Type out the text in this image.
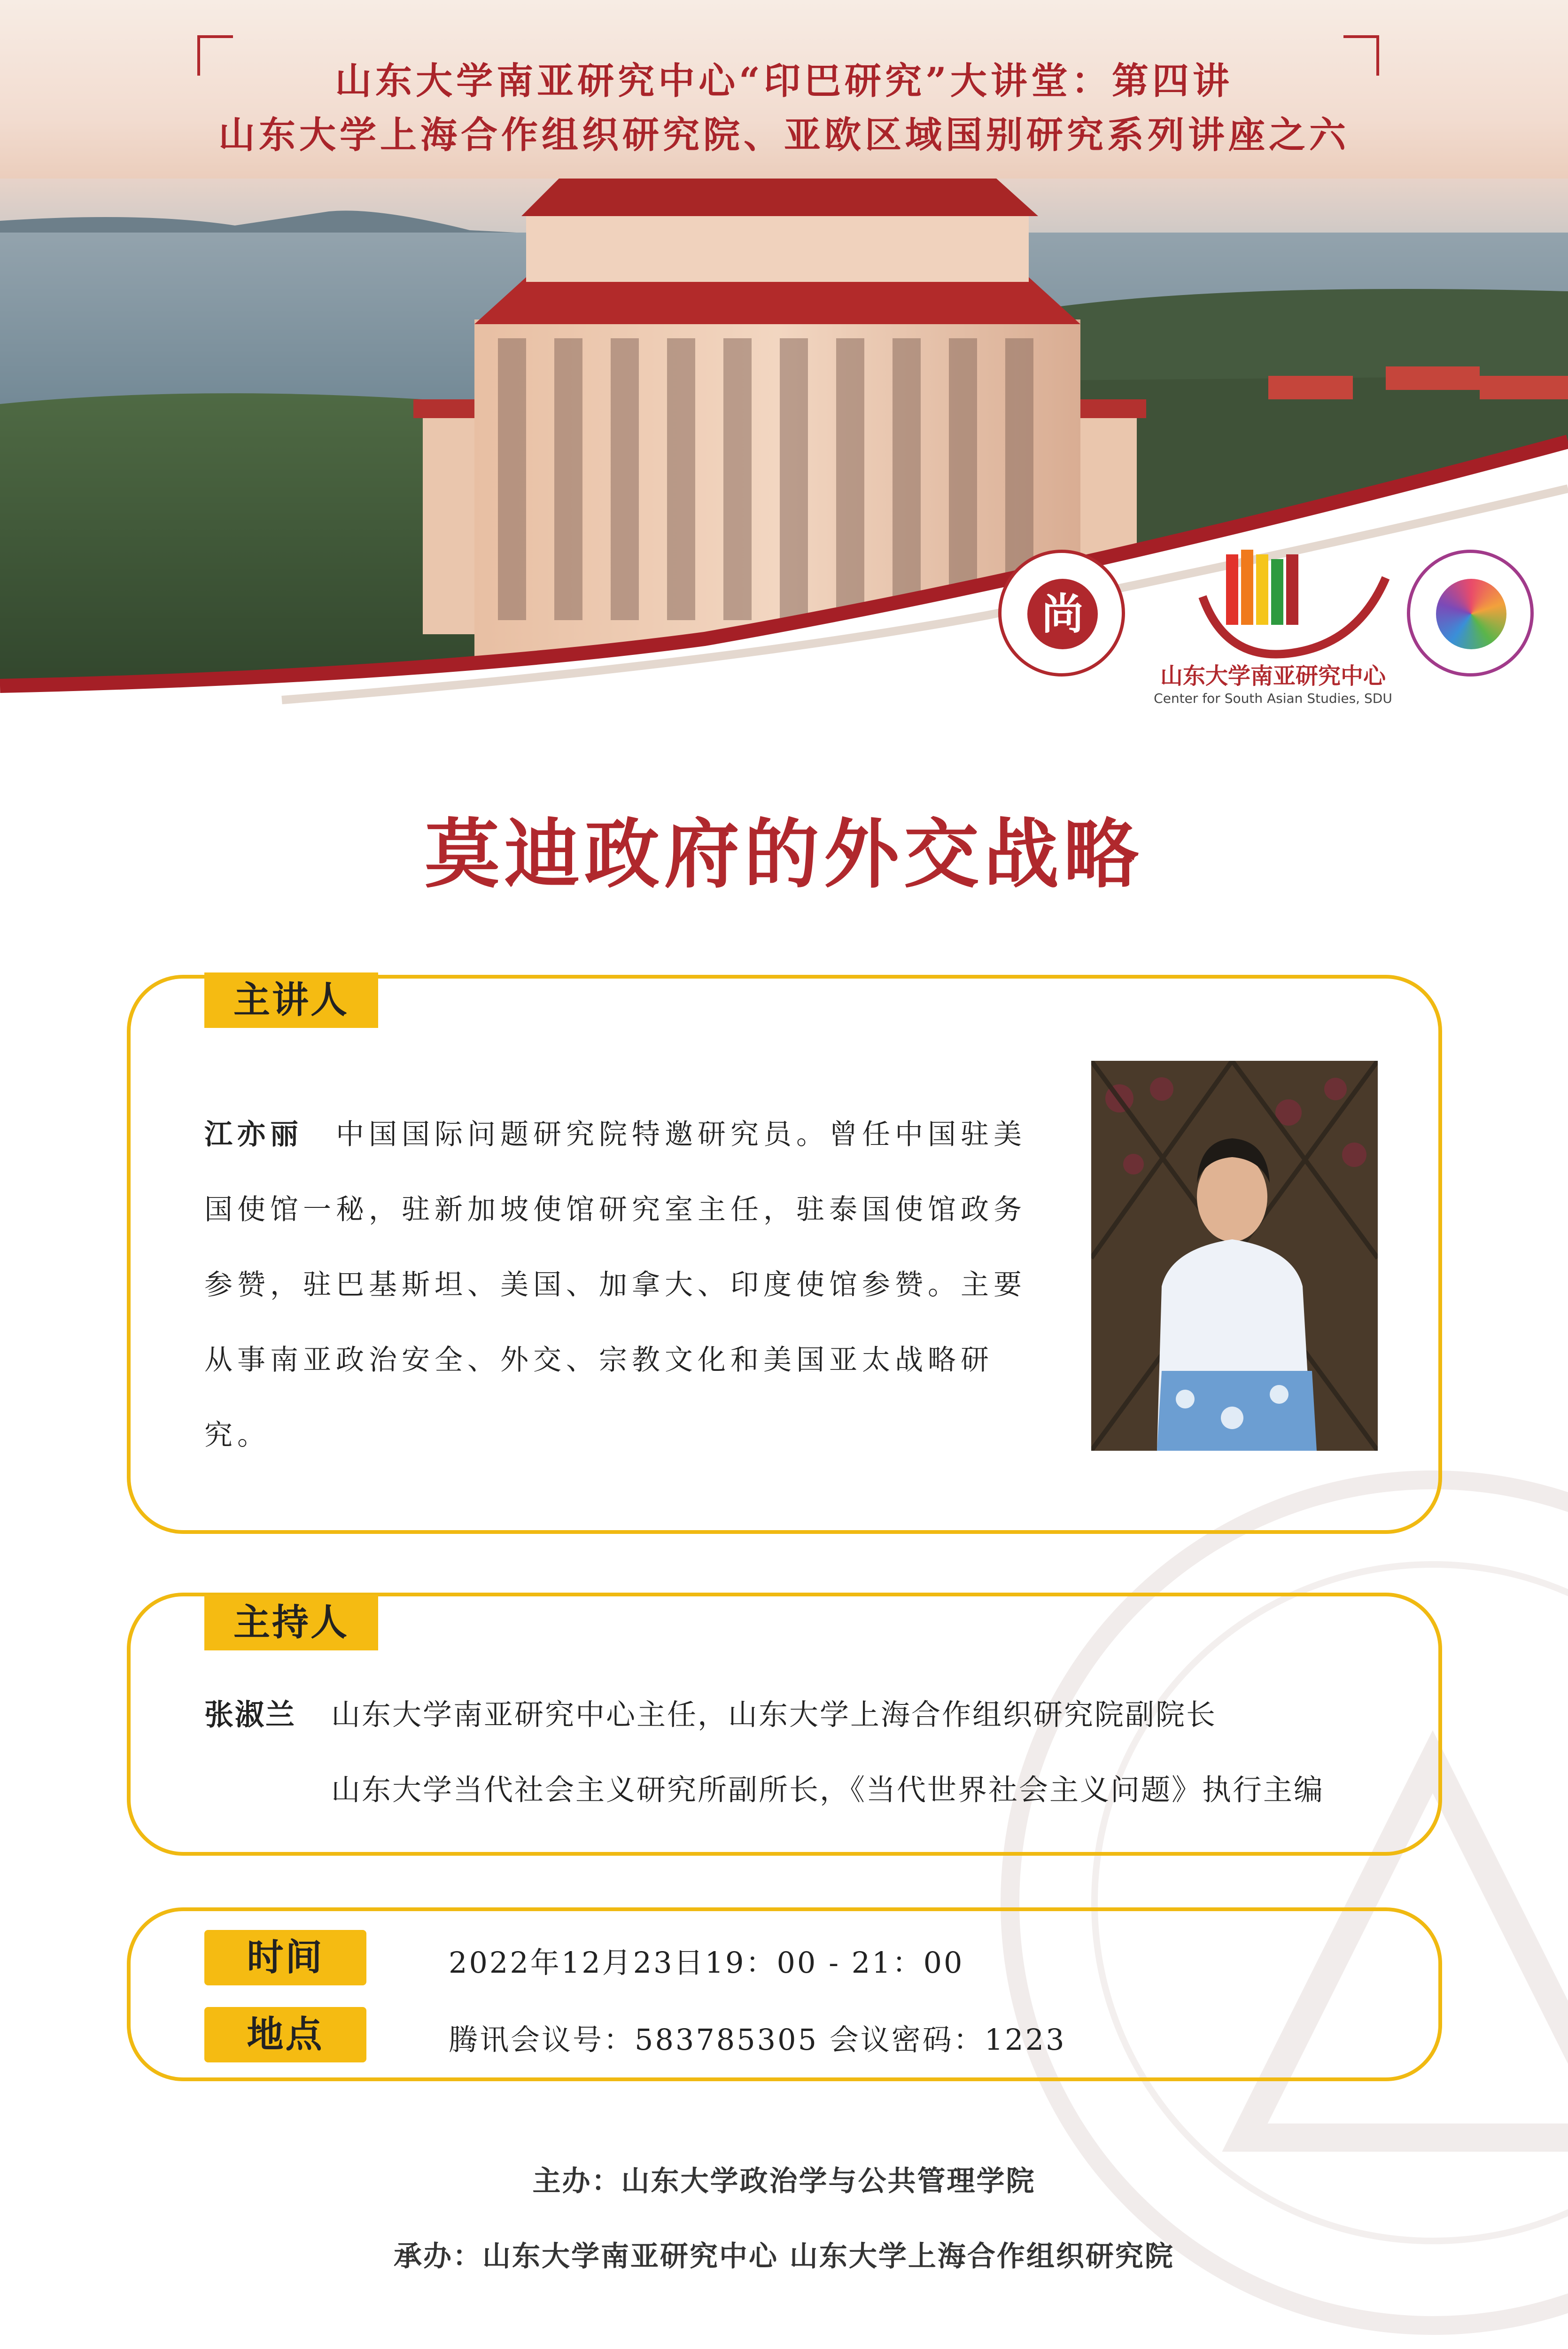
山东大学南亚研究中心“印巴研究”大讲堂：第四讲
山东大学上海合作组织研究院、亚欧区域国别研究系列讲座之六
尚
山东大学南亚研究中心
Center for South Asian Studies, SDU
莫迪政府的外交战略
主讲人
江亦丽 中国国际问题研究院特邀研究员。曾任中国驻美国使馆一秘，驻新加坡使馆研究室主任，驻泰国使馆政务参赞，驻巴基斯坦、美国、加拿大、印度使馆参赞。主要从事南亚政治安全、外交、宗教文化和美国亚太战略研究。
主持人
张淑兰 山东大学南亚研究中心主任，山东大学上海合作组织研究院副院长
山东大学当代社会主义研究所副所长，《当代世界社会主义问题》执行主编
时间	2022年12月23日19：00 - 21：00
地点	腾讯会议号：583785305 会议密码：1223
主办：山东大学政治学与公共管理学院
承办：山东大学南亚研究中心 山东大学上海合作组织研究院
